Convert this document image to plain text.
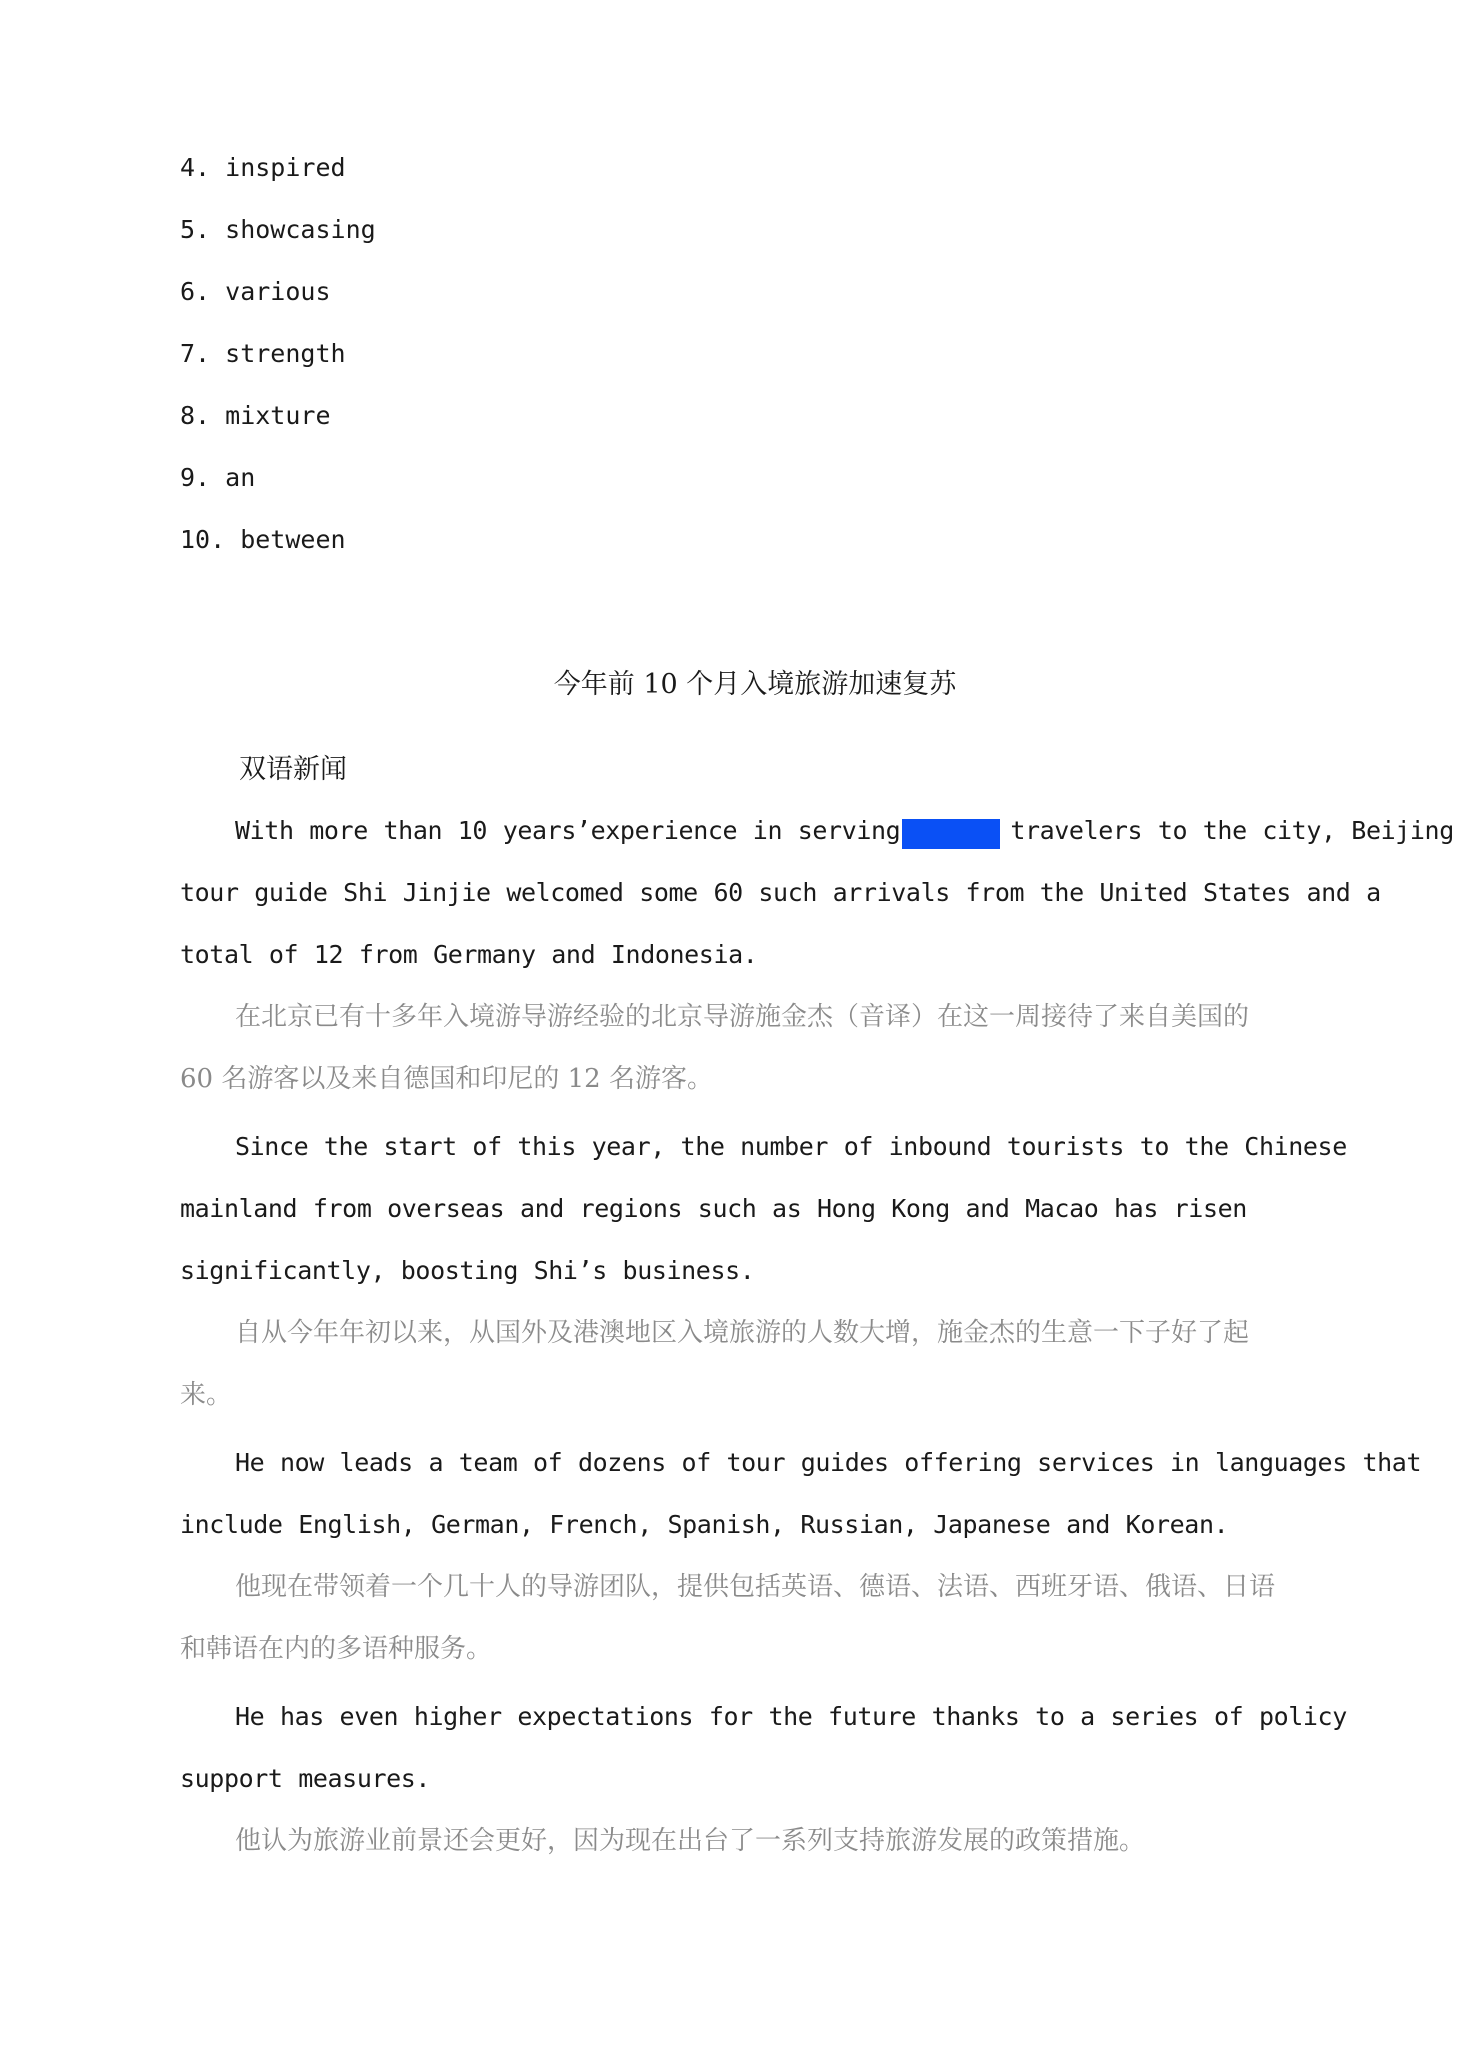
4. inspired
5. showcasing
6. various
7. strength
8. mixture
9. an
10. between
今年前 10 个月入境旅游加速复苏
双语新闻

With more than 10 years’experience in serving	travelers to the city, Beijing tour guide Shi Jinjie welcomed some 60 such arrivals from the United States and a total of 12 from Germany and Indonesia.

在北京已有十多年入境游导游经验的北京导游施金杰（音译）在这一周接待了来自美国的 60 名游客以及来自德国和印尼的 12 名游客。

Since the start of this year, the number of inbound tourists to the Chinese mainland from overseas and regions such as Hong Kong and Macao has risen significantly, boosting Shi’s business.

自从今年年初以来，从国外及港澳地区入境旅游的人数大增，施金杰的生意一下子好了起来。

He now leads a team of dozens of tour guides offering services in languages that include English, German, French, Spanish, Russian, Japanese and Korean.

他现在带领着一个几十人的导游团队，提供包括英语、德语、法语、西班牙语、俄语、日语和韩语在内的多语种服务。

He has even higher expectations for the future thanks to a series of policy support measures.

他认为旅游业前景还会更好，因为现在出台了一系列支持旅游发展的政策措施。
